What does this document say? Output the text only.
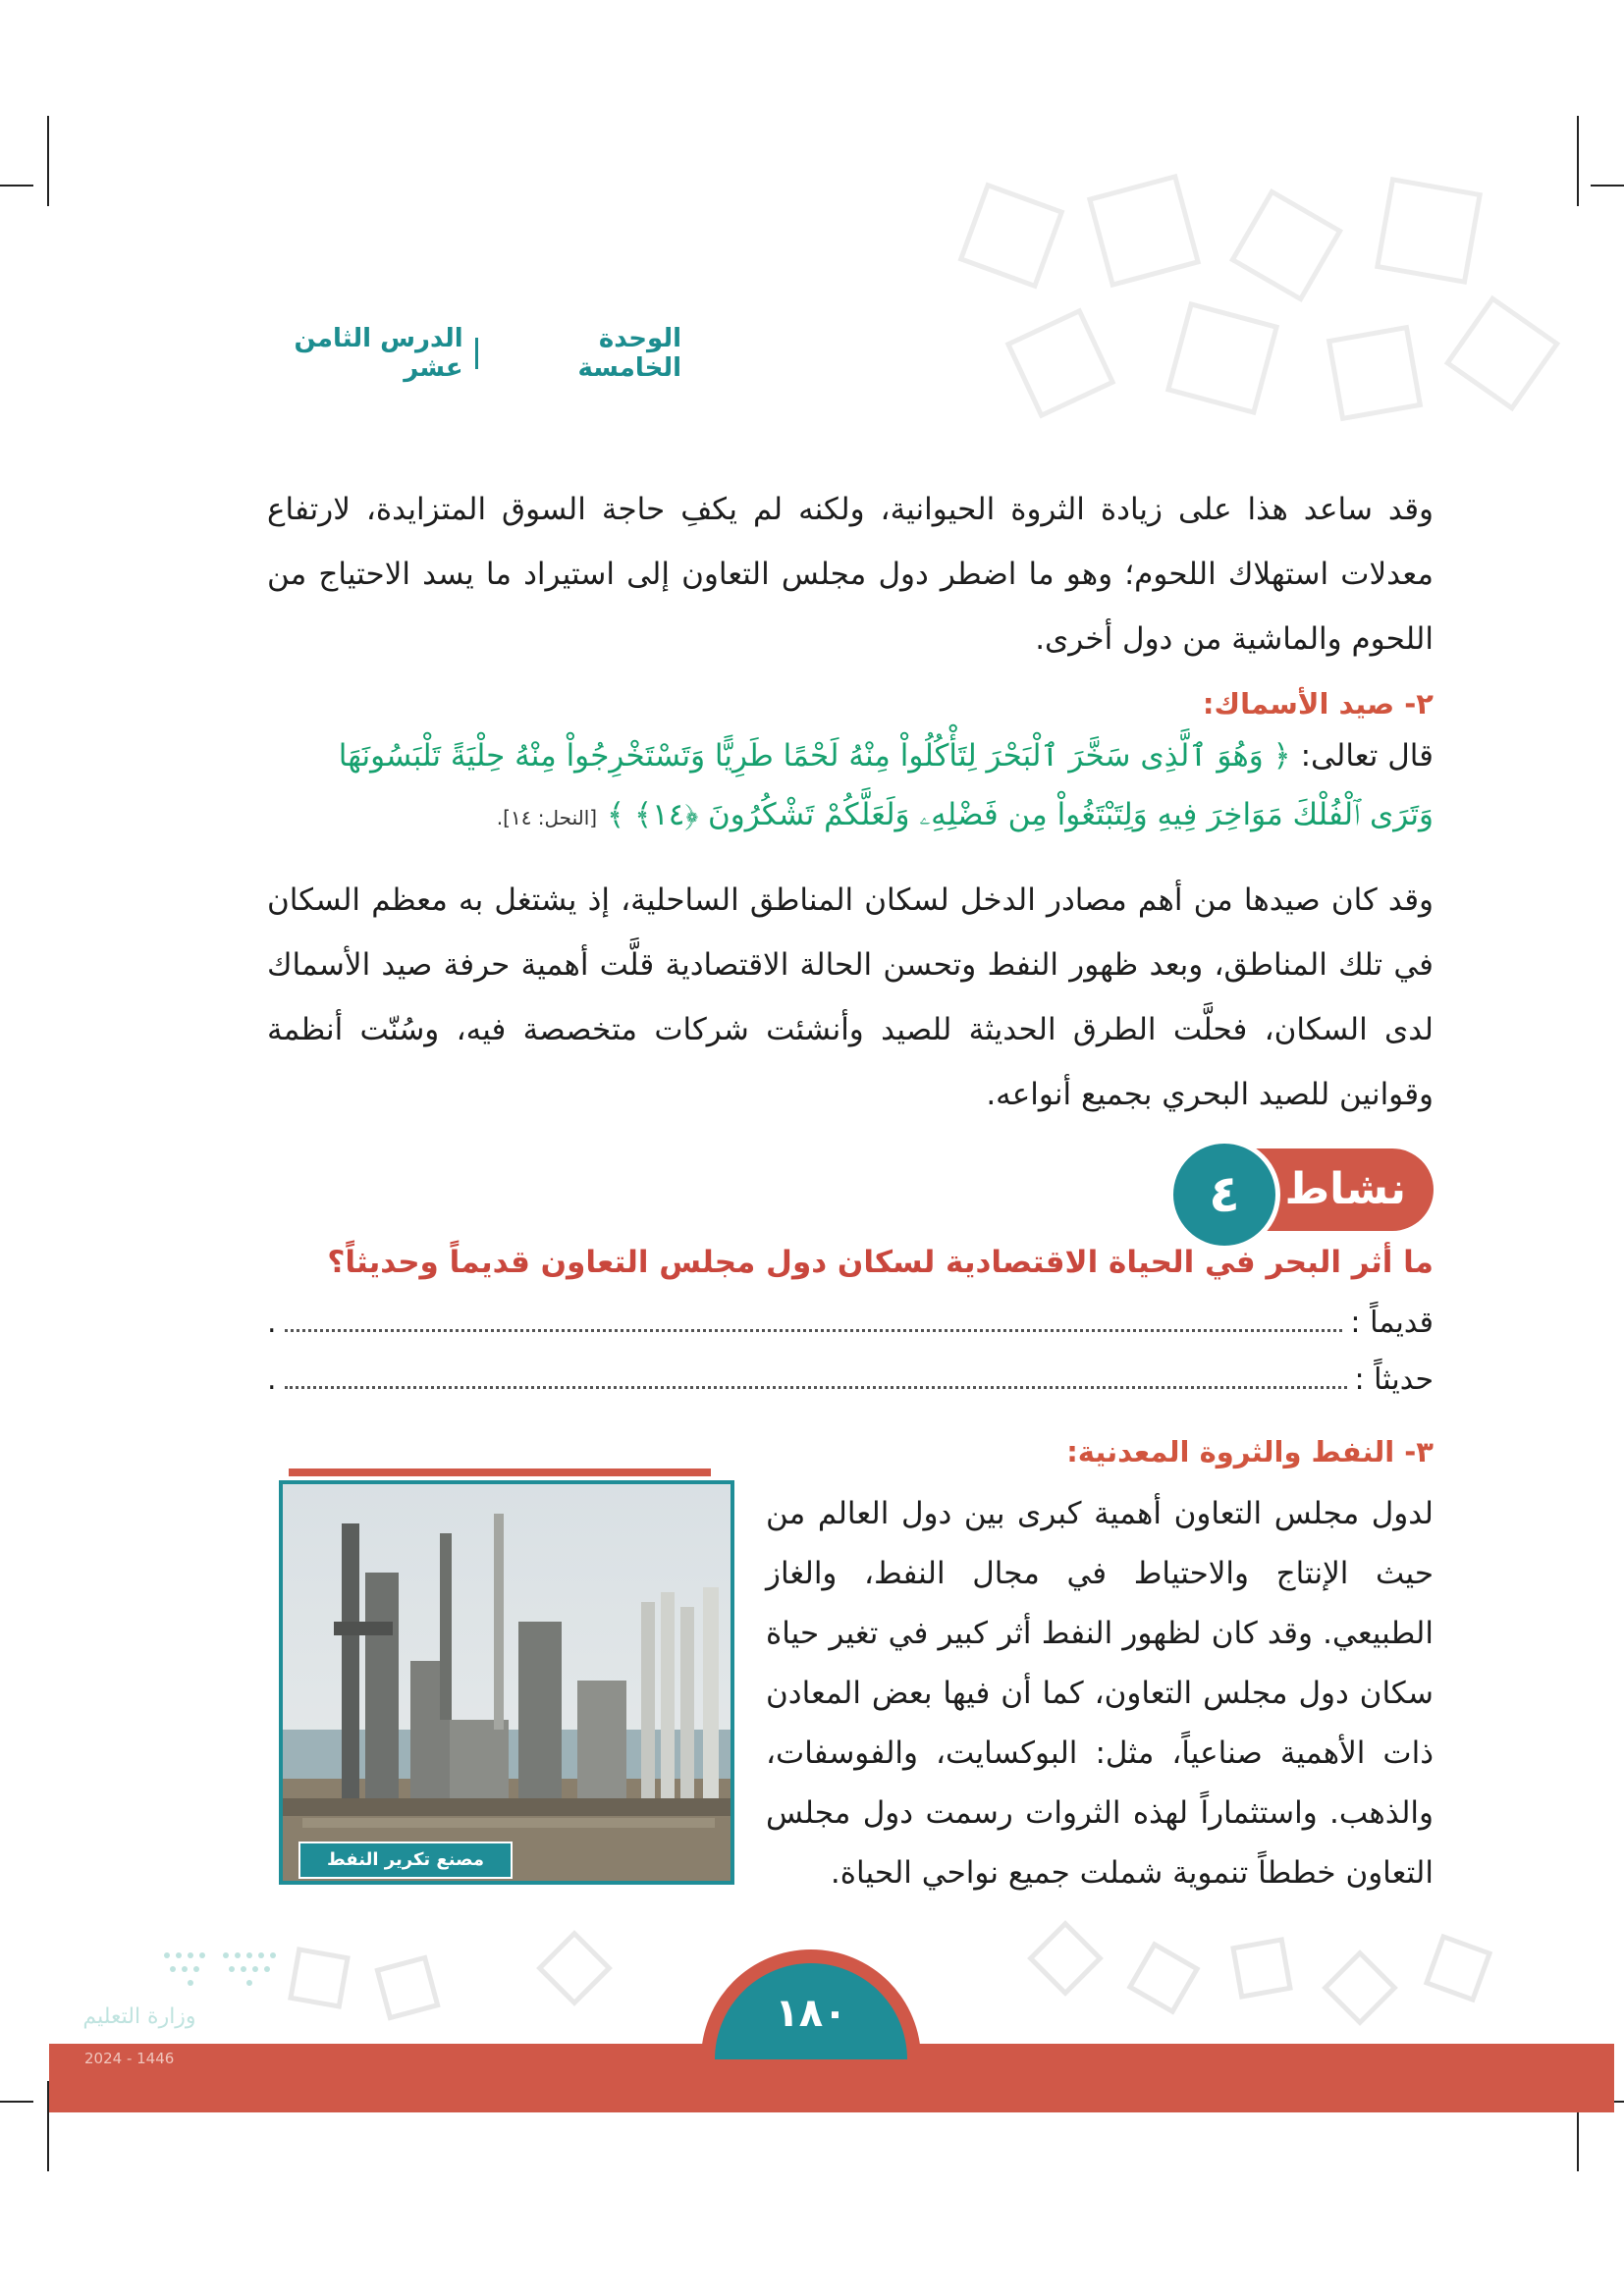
الوحدة الخامسة
الدرس الثامن عشر

وقد ساعد هذا على زيادة الثروة الحيوانية، ولكنه لم يكفِ حاجة السوق المتزايدة، لارتفاع معدلات استهلاك اللحوم؛ وهو ما اضطر دول مجلس التعاون إلى استيراد ما يسد الاحتياج من اللحوم والماشية من دول أخرى.

٢- صيد الأسماك:
قال تعالى: ﴿ وَهُوَ ٱلَّذِى سَخَّرَ ٱلْبَحْرَ لِتَأْكُلُواْ مِنْهُ لَحْمًا طَرِيًّا وَتَسْتَخْرِجُواْ مِنْهُ حِلْيَةً تَلْبَسُونَهَا
وَتَرَى ٱلْفُلْكَ مَوَاخِرَ فِيهِ وَلِتَبْتَغُواْ مِن فَضْلِهِۦ وَلَعَلَّكُمْ تَشْكُرُونَ ﴿١٤﴾ ﴾ [النحل: ١٤].

وقد كان صيدها من أهم مصادر الدخل لسكان المناطق الساحلية، إذ يشتغل به معظم السكان في تلك المناطق، وبعد ظهور النفط وتحسن الحالة الاقتصادية قلَّت أهمية حرفة صيد الأسماك لدى السكان، فحلَّت الطرق الحديثة للصيد وأنشئت شركات متخصصة فيه، وسُنّت أنظمة وقوانين للصيد البحري بجميع أنواعه.

نشاط
٤
ما أثر البحر في الحياة الاقتصادية لسكان دول مجلس التعاون قديماً وحديثاً؟
قديماً :
.
حديثاً :
.
٣- النفط والثروة المعدنية:
مصنع تكرير النفط

لدول مجلس التعاون أهمية كبرى بين دول العالم من حيث الإنتاج والاحتياط في مجال النفط، والغاز الطبيعي. وقد كان لظهور النفط أثر كبير في تغير حياة سكان دول مجلس التعاون، كما أن فيها بعض المعادن ذات الأهمية صناعياً، مثل: البوكسايت، والفوسفات، والذهب. واستثماراً لهذه الثروات رسمت دول مجلس التعاون خططاً تنموية شملت جميع نواحي الحياة.

١٨٠
وزارة التعليم
2024 - 1446
